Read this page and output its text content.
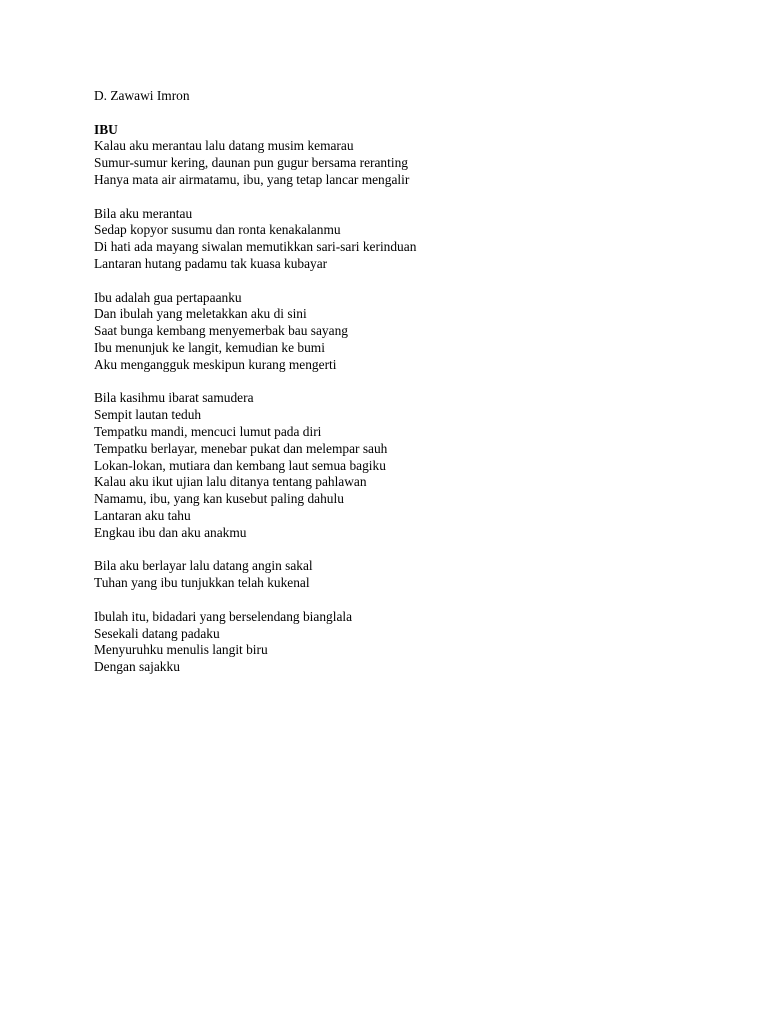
D. Zawawi Imron

IBU

Kalau aku merantau lalu datang musim kemarau
Sumur-sumur kering, daunan pun gugur bersama reranting
Hanya mata air airmatamu, ibu, yang tetap lancar mengalir
Bila aku merantau
Sedap kopyor susumu dan ronta kenakalanmu
Di hati ada mayang siwalan memutikkan sari-sari kerinduan
Lantaran hutang padamu tak kuasa kubayar
Ibu adalah gua pertapaanku
Dan ibulah yang meletakkan aku di sini
Saat bunga kembang menyemerbak bau sayang
Ibu menunjuk ke langit, kemudian ke bumi
Aku mengangguk meskipun kurang mengerti
Bila kasihmu ibarat samudera
Sempit lautan teduh
Tempatku mandi, mencuci lumut pada diri
Tempatku berlayar, menebar pukat dan melempar sauh
Lokan-lokan, mutiara dan kembang laut semua bagiku
Kalau aku ikut ujian lalu ditanya tentang pahlawan
Namamu, ibu, yang kan kusebut paling dahulu
Lantaran aku tahu
Engkau ibu dan aku anakmu
Bila aku berlayar lalu datang angin sakal
Tuhan yang ibu tunjukkan telah kukenal
Ibulah itu, bidadari yang berselendang bianglala
Sesekali datang padaku
Menyuruhku menulis langit biru
Dengan sajakku
